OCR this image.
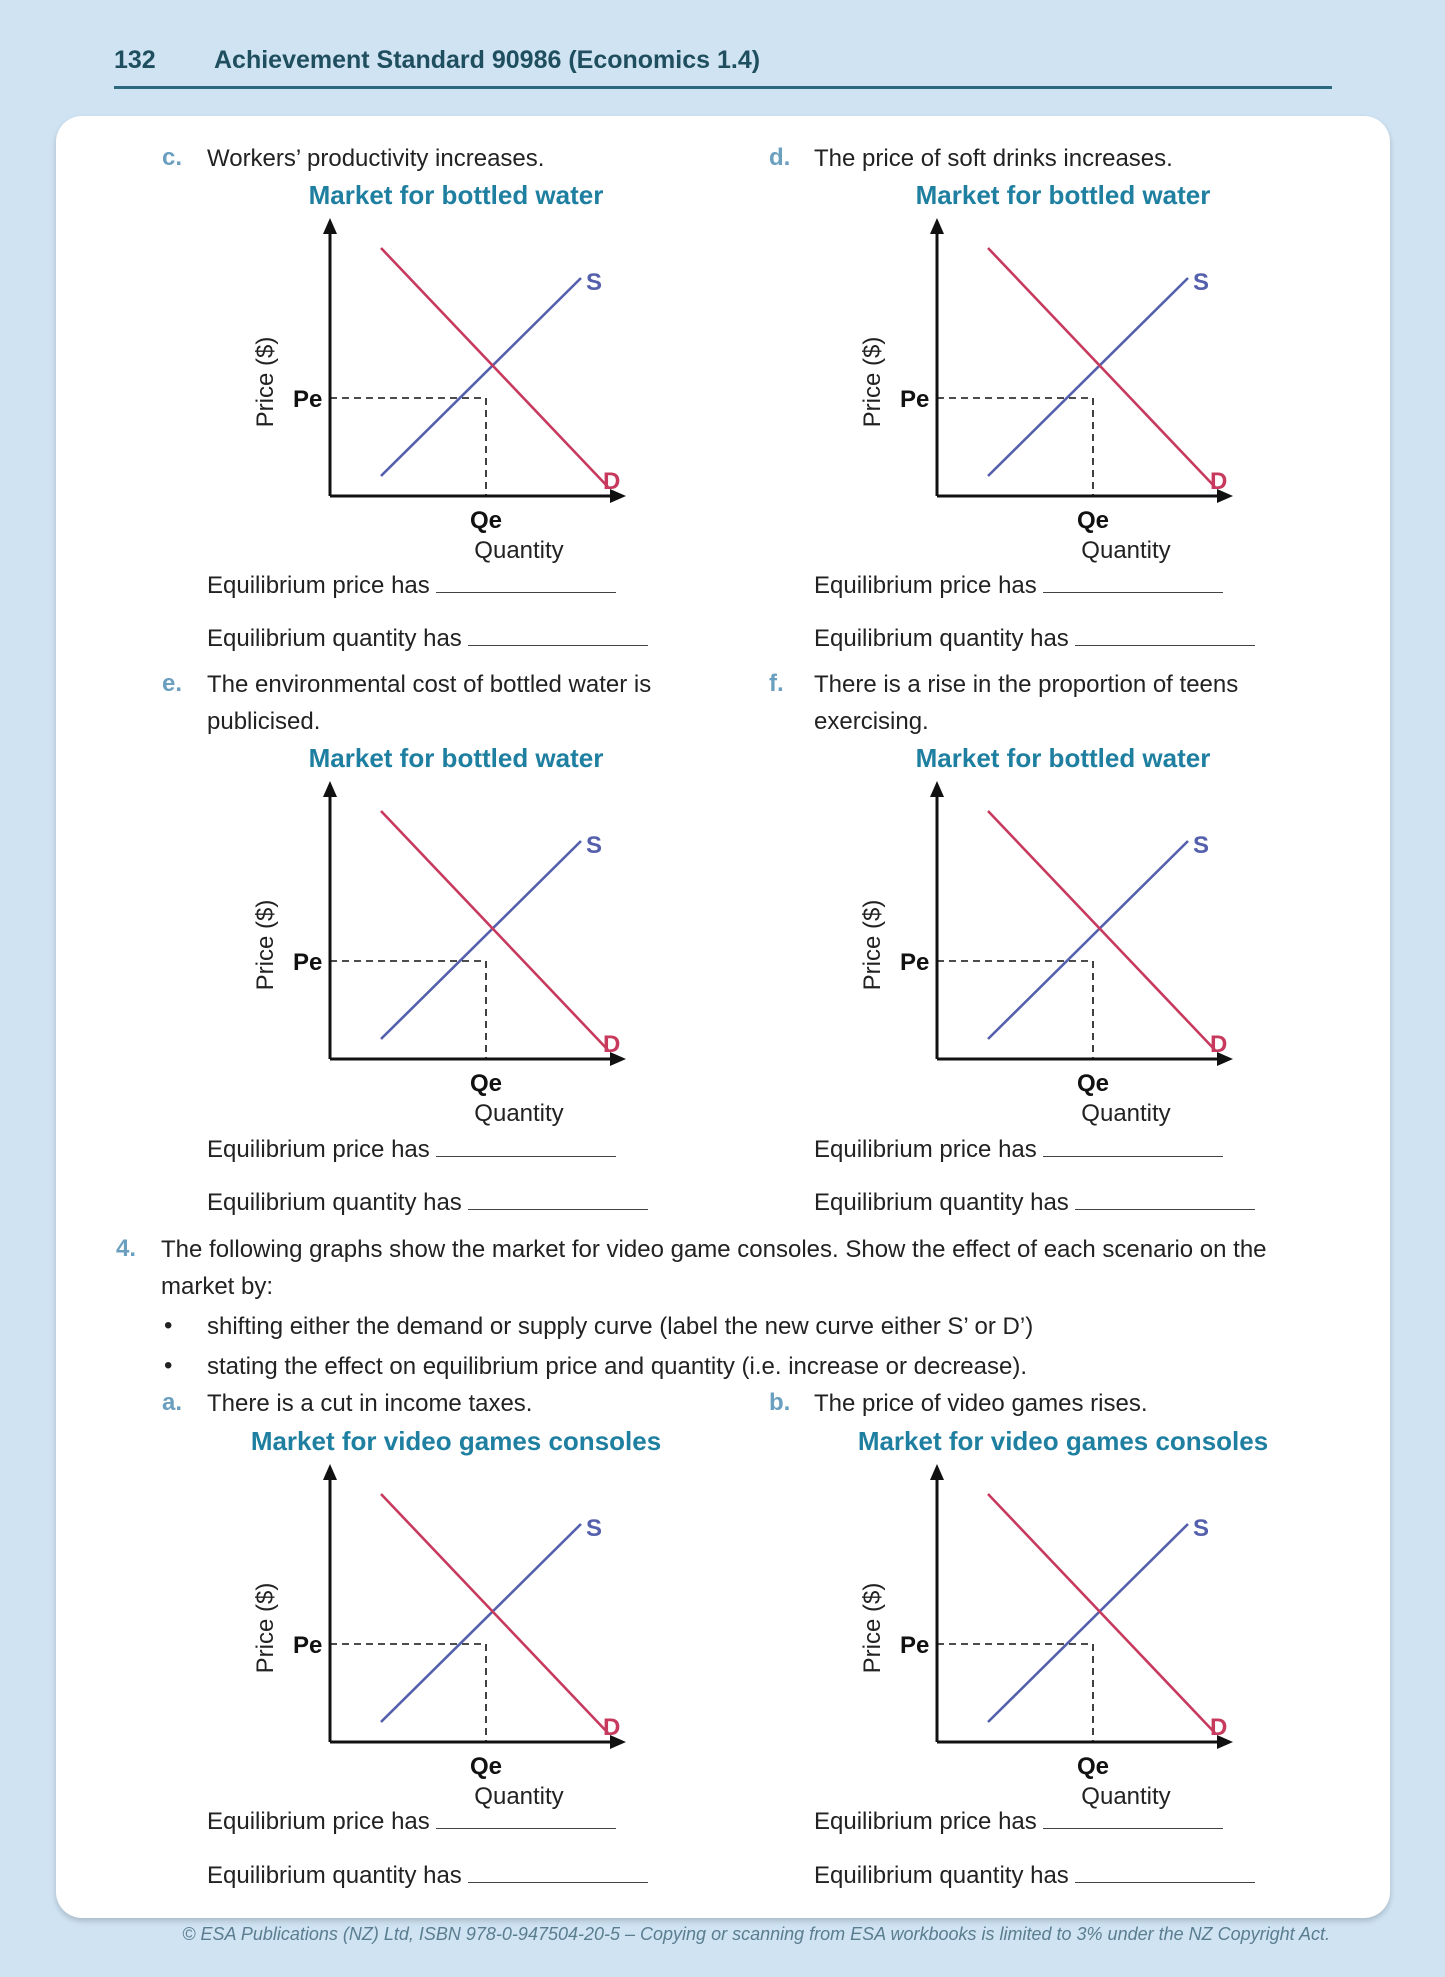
132	Achievement Standard 90986 (Economics 1.4)
c. Workers’ productivity increases.
Market for bottled water
S
D
Pe
Qe
Quantity
Price ($)
Equilibrium price has
Equilibrium quantity has
d. The price of soft drinks increases.
Market for bottled water
S
D
Pe
Qe
Quantity
Price ($)
Equilibrium price has
Equilibrium quantity has
e. The environmental cost of bottled water is
publicised.
Market for bottled water
S
D
Pe
Qe
Quantity
Price ($)
Equilibrium price has
Equilibrium quantity has
f. There is a rise in the proportion of teens
exercising.
Market for bottled water
S
D
Pe
Qe
Quantity
Price ($)
Equilibrium price has
Equilibrium quantity has
4. The following graphs show the market for video game consoles. Show the effect of each scenario on the
market by:
• shifting either the demand or supply curve (label the new curve either S’ or D’)
• stating the effect on equilibrium price and quantity (i.e. increase or decrease).
a. There is a cut in income taxes.
Market for video games consoles
S
D
Pe
Qe
Quantity
Price ($)
Equilibrium price has
Equilibrium quantity has
b. The price of video games rises.
Market for video games consoles
S
D
Pe
Qe
Quantity
Price ($)
Equilibrium price has
Equilibrium quantity has
© ESA Publications (NZ) Ltd, ISBN 978-0-947504-20-5 – Copying or scanning from ESA workbooks is limited to 3% under the NZ Copyright Act.
